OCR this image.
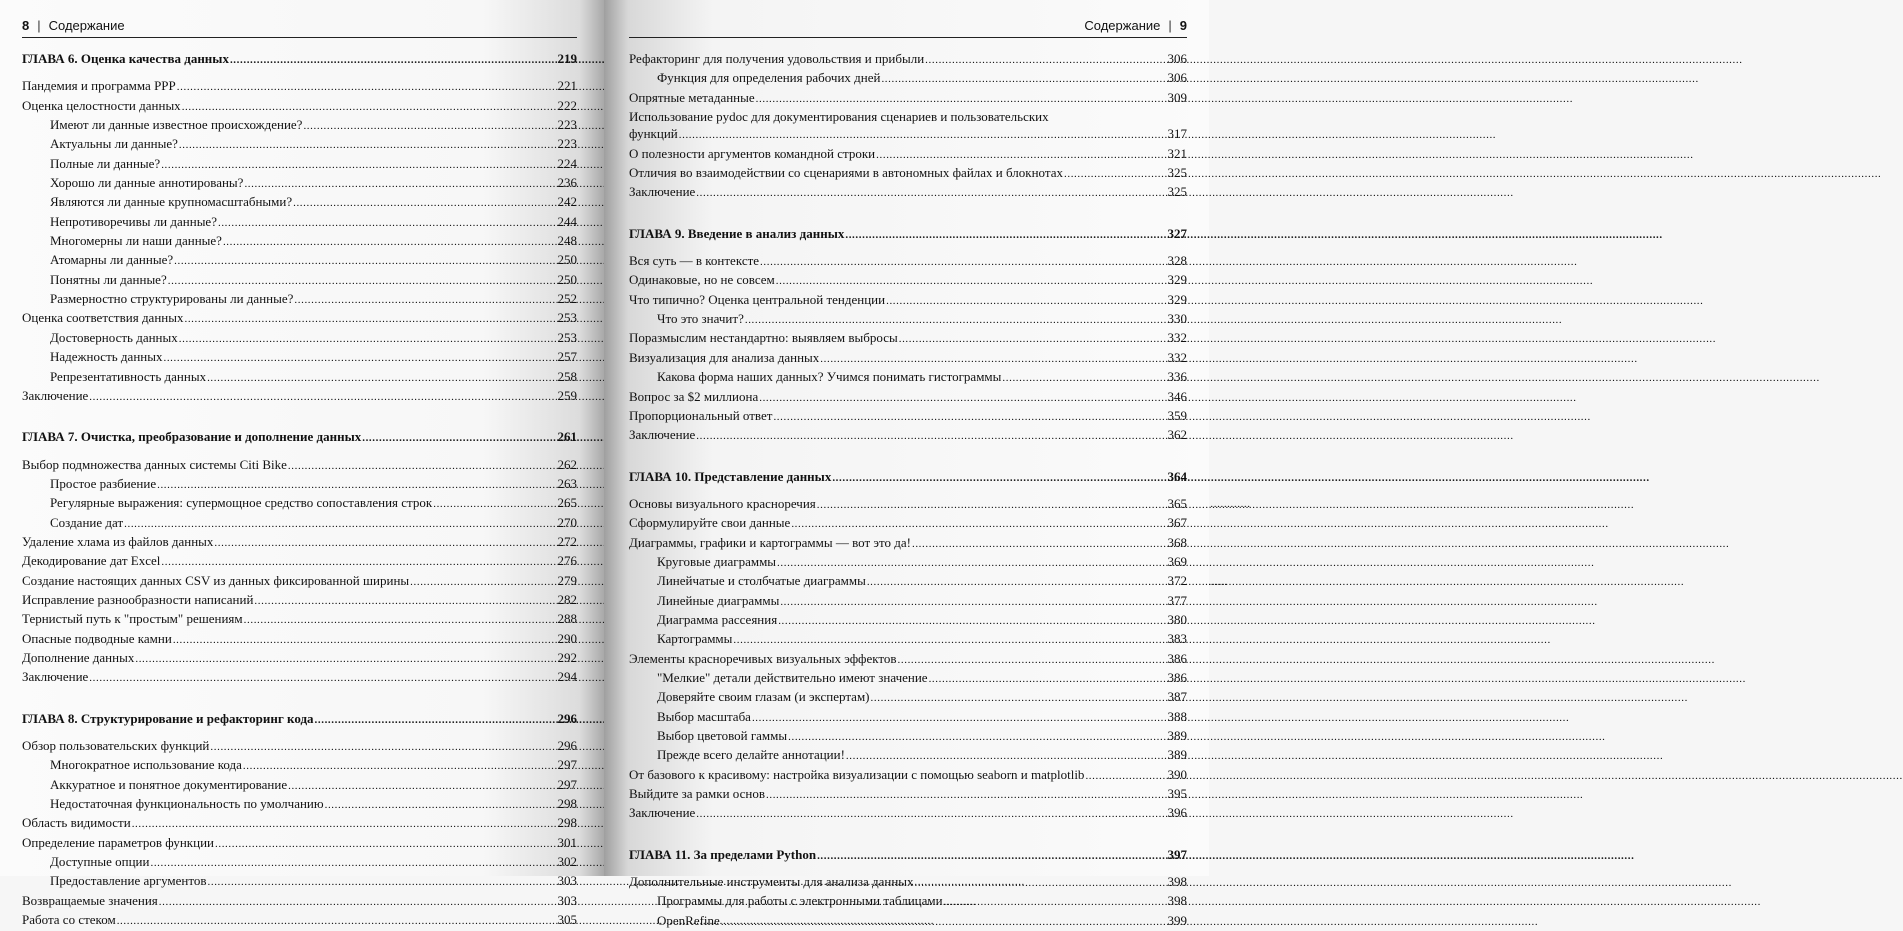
8 | Содержание
ГЛАВА 6. Оценка качества данных .....	219
Пандемия и программа PPP .....	221
Оценка целостности данных .....	222
Имеют ли данные известное происхождение? .....	223
Актуальны ли данные? .....	223
Полные ли данные? .....	224
Хорошо ли данные аннотированы? .....	236
Являются ли данные крупномасштабными? .....	242
Непротиворечивы ли данные? .....	244
Многомерны ли наши данные? .....	248
Атомарны ли данные? .....	250
Понятны ли данные? .....	250
Размерностно структурированы ли данные? .....	252
Оценка соответствия данных .....	253
Достоверность данных .....	253
Надежность данных .....	257
Репрезентативность данных .....	258
Заключение .....	259
ГЛАВА 7. Очистка, преобразование и дополнение данных .....	261
Выбор подмножества данных системы Citi Bike .....	262
Простое разбиение .....	263
Регулярные выражения: супермощное средство сопоставления строк .....	265
Создание дат .....	270
Удаление хлама из файлов данных .....	272
Декодирование дат Excel .....	276
Создание настоящих данных CSV из данных фиксированной ширины .....	279
Исправление разнообразности написаний .....	282
Тернистый путь к "простым" решениям .....	288
Опасные подводные камни .....	290
Дополнение данных .....	292
Заключение .....	294
ГЛАВА 8. Структурирование и рефакторинг кода .....	296
Обзор пользовательских функций .....	296
Многократное использование кода .....	297
Аккуратное и понятное документирование .....	297
Недостаточная функциональность по умолчанию .....	298
Область видимости .....	298
Определение параметров функции .....	301
Доступные опции .....	302
Предоставление аргументов .....	303
Возвращаемые значения .....	303
Работа со стеком .....	305
Содержание | 9
Рефакторинг для получения удовольствия и прибыли .....	306
Функция для определения рабочих дней .....	306
Опрятные метаданные .....	309
Использование pydoc для документирования сценариев и пользовательских
функций .....	317
О полезности аргументов командной строки .....	321
Отличия во взаимодействии со сценариями в автономных файлах и блокнотах .....	325
Заключение .....	325
ГЛАВА 9. Введение в анализ данных .....	327
Вся суть — в контексте .....	328
Одинаковые, но не совсем .....	329
Что типично? Оценка центральной тенденции .....	329
Что это значит? .....	330
Поразмыслим нестандартно: выявляем выбросы .....	332
Визуализация для анализа данных .....	332
Какова форма наших данных? Учимся понимать гистограммы .....	336
Вопрос за $2 миллиона .....	346
Пропорциональный ответ .....	359
Заключение .....	362
ГЛАВА 10. Представление данных .....	364
Основы визуального красноречия .....	365
Сформулируйте свои данные .....	367
Диаграммы, графики и картограммы — вот это да! .....	368
Круговые диаграммы .....	369
Линейчатые и столбчатые диаграммы .....	372
Линейные диаграммы .....	377
Диаграмма рассеяния .....	380
Картограммы .....	383
Элементы красноречивых визуальных эффектов .....	386
"Мелкие" детали действительно имеют значение .....	386
Доверяйте своим глазам (и экспертам) .....	387
Выбор масштаба .....	388
Выбор цветовой гаммы .....	389
Прежде всего делайте аннотации! .....	389
От базового к красивому: настройка визуализации с помощью seaborn и matplotlib .....	390
Выйдите за рамки основ .....	395
Заключение .....	396
ГЛАВА 11. За пределами Python .....	397
Дополнительные инструменты для анализа данных .....	398
Программы для работы с электронными таблицами .....	398
OpenRefine .....	399
